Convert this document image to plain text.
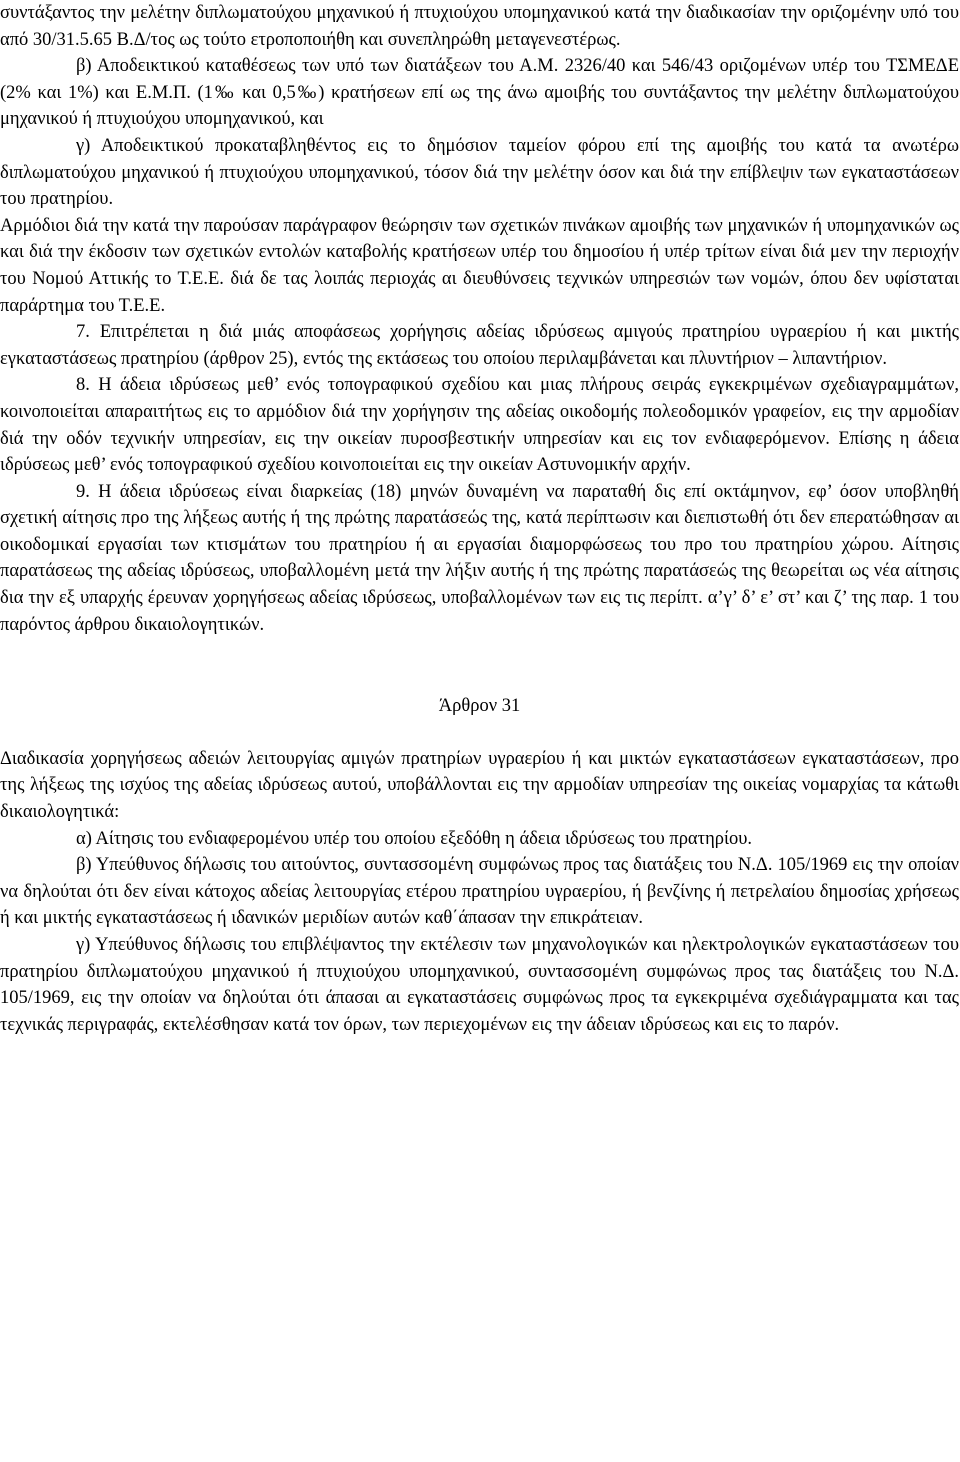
συντάξαντος την μελέτην διπλωματούχου μηχανικού ή πτυχιούχου υπομηχανικού κατά την διαδικασίαν την οριζομένην υπό του από 30/31.5.65 Β.Δ/τος ως τούτο ετροποποιήθη και συνεπληρώθη μεταγενεστέρως.

β) Αποδεικτικού καταθέσεως των υπό των διατάξεων του Α.Μ. 2326/40 και 546/43 οριζομένων υπέρ του ΤΣΜΕΔΕ (2% και 1%) και Ε.Μ.Π. (1‰ και 0,5‰) κρατήσεων επί ως της άνω αμοιβής του συντάξαντος την μελέτην διπλωματούχου μηχανικού ή πτυχιούχου υπομηχανικού, και

γ) Αποδεικτικού προκαταβληθέντος εις το δημόσιον ταμείον φόρου επί της αμοιβής του κατά τα ανωτέρω διπλωματούχου μηχανικού ή πτυχιούχου υπομηχανικού, τόσον διά την μελέτην όσον και διά την επίβλεψιν των εγκαταστάσεων του πρατηρίου.

Αρμόδιοι διά την κατά την παρούσαν παράγραφον θεώρησιν των σχετικών πινάκων αμοιβής των μηχανικών ή υπομηχανικών ως και διά την έκδοσιν των σχετικών εντολών καταβολής κρατήσεων υπέρ του δημοσίου ή υπέρ τρίτων είναι διά μεν την περιοχήν του Νομού Αττικής το Τ.Ε.Ε. διά δε τας λοιπάς περιοχάς αι διευθύνσεις τεχνικών υπηρεσιών των νομών, όπου δεν υφίσταται παράρτημα του Τ.Ε.Ε.

7. Επιτρέπεται η διά μιάς αποφάσεως χορήγησις αδείας ιδρύσεως αμιγούς πρατηρίου υγραερίου ή και μικτής εγκαταστάσεως πρατηρίου (άρθρον 25), εντός της εκτάσεως του οποίου περιλαμβάνεται και πλυντήριον – λιπαντήριον.

8. Η άδεια ιδρύσεως μεθ’ ενός τοπογραφικού σχεδίου και μιας πλήρους σειράς εγκεκριμένων σχεδιαγραμμάτων, κοινοποιείται απαραιτήτως εις το αρμόδιον διά την χορήγησιν της αδείας οικοδομής πολεοδομικόν γραφείον, εις την αρμοδίαν διά την οδόν τεχνικήν υπηρεσίαν, εις την οικείαν πυροσβεστικήν υπηρεσίαν και εις τον ενδιαφερόμενον. Επίσης η άδεια ιδρύσεως μεθ’ ενός τοπογραφικού σχεδίου κοινοποιείται εις την οικείαν Αστυνομικήν αρχήν.

9. Η άδεια ιδρύσεως είναι διαρκείας (18) μηνών δυναμένη να παραταθή δις επί οκτάμηνον, εφ’ όσον υποβληθή σχετική αίτησις προ της λήξεως αυτής ή της πρώτης παρατάσεώς της, κατά περίπτωσιν και διεπιστωθή ότι δεν επερατώθησαν αι οικοδομικαί εργασίαι των κτισμάτων του πρατηρίου ή αι εργασίαι διαμορφώσεως του προ του πρατηρίου χώρου. Αίτησις παρατάσεως της αδείας ιδρύσεως, υποβαλλομένη μετά την λήξιν αυτής ή της πρώτης παρατάσεώς της θεωρείται ως νέα αίτησις δια την εξ υπαρχής έρευναν χορηγήσεως αδείας ιδρύσεως, υποβαλλομένων των εις τις περίπτ. α’γ’ δ’ ε’ στ’ και ζ’ της παρ. 1 του παρόντος άρθρου δικαιολογητικών.

Άρθρον 31

Διαδικασία χορηγήσεως αδειών λειτουργίας αμιγών πρατηρίων υγραερίου ή και μικτών εγκαταστάσεων εγκαταστάσεων, προ της λήξεως της ισχύος της αδείας ιδρύσεως αυτού, υποβάλλονται εις την αρμοδίαν υπηρεσίαν της οικείας νομαρχίας τα κάτωθι δικαιολογητικά:

α) Αίτησις του ενδιαφερομένου υπέρ του οποίου εξεδόθη η άδεια ιδρύσεως του πρατηρίου.

β) Υπεύθυνος δήλωσις του αιτούντος, συντασσομένη συμφώνως προς τας διατάξεις του Ν.Δ. 105/1969 εις την οποίαν να δηλούται ότι δεν είναι κάτοχος αδείας λειτουργίας ετέρου πρατηρίου υγραερίου, ή βενζίνης ή πετρελαίου δημοσίας χρήσεως ή και μικτής εγκαταστάσεως ή ιδανικών μεριδίων αυτών καθ΄άπασαν την επικράτειαν.

γ) Υπεύθυνος δήλωσις του επιβλέψαντος την εκτέλεσιν των μηχανολογικών και ηλεκτρολογικών εγκαταστάσεων του πρατηρίου διπλωματούχου μηχανικού ή πτυχιούχου υπομηχανικού, συντασσομένη συμφώνως προς τας διατάξεις του Ν.Δ. 105/1969, εις την οποίαν να δηλούται ότι άπασαι αι εγκαταστάσεις συμφώνως προς τα εγκεκριμένα σχεδιάγραμματα και τας τεχνικάς περιγραφάς, εκτελέσθησαν κατά τον όρων, των περιεχομένων εις την άδειαν ιδρύσεως και εις το παρόν.
